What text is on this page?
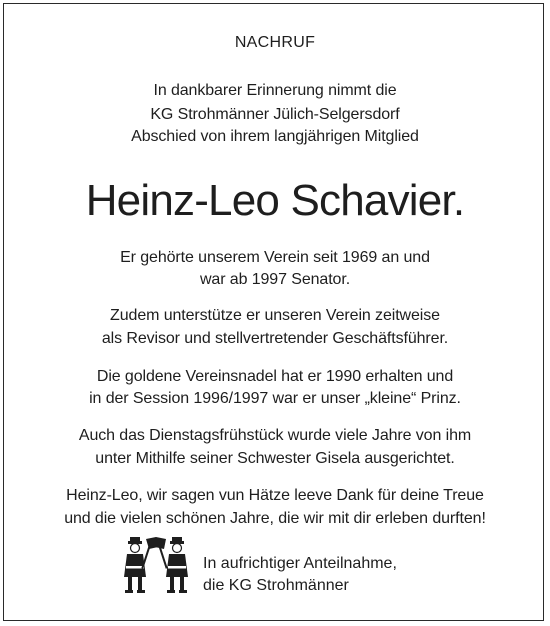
NACHRUF
In dankbarer Erinnerung nimmt die
KG Strohmänner Jülich-Selgersdorf
Abschied von ihrem langjährigen Mitglied
Heinz-Leo Schavier.
Er gehörte unserem Verein seit 1969 an und
war ab 1997 Senator.
Zudem unterstütze er unseren Verein zeitweise
als Revisor und stellvertretender Geschäftsführer.
Die goldene Vereinsnadel hat er 1990 erhalten und
in der Session 1996/1997 war er unser „kleine“ Prinz.
Auch das Dienstagsfrühstück wurde viele Jahre von ihm
unter Mithilfe seiner Schwester Gisela ausgerichtet.
Heinz-Leo, wir sagen vun Hätze leeve Dank für deine Treue
und die vielen schönen Jahre, die wir mit dir erleben durften!
In aufrichtiger Anteilnahme,
die KG Strohmänner
